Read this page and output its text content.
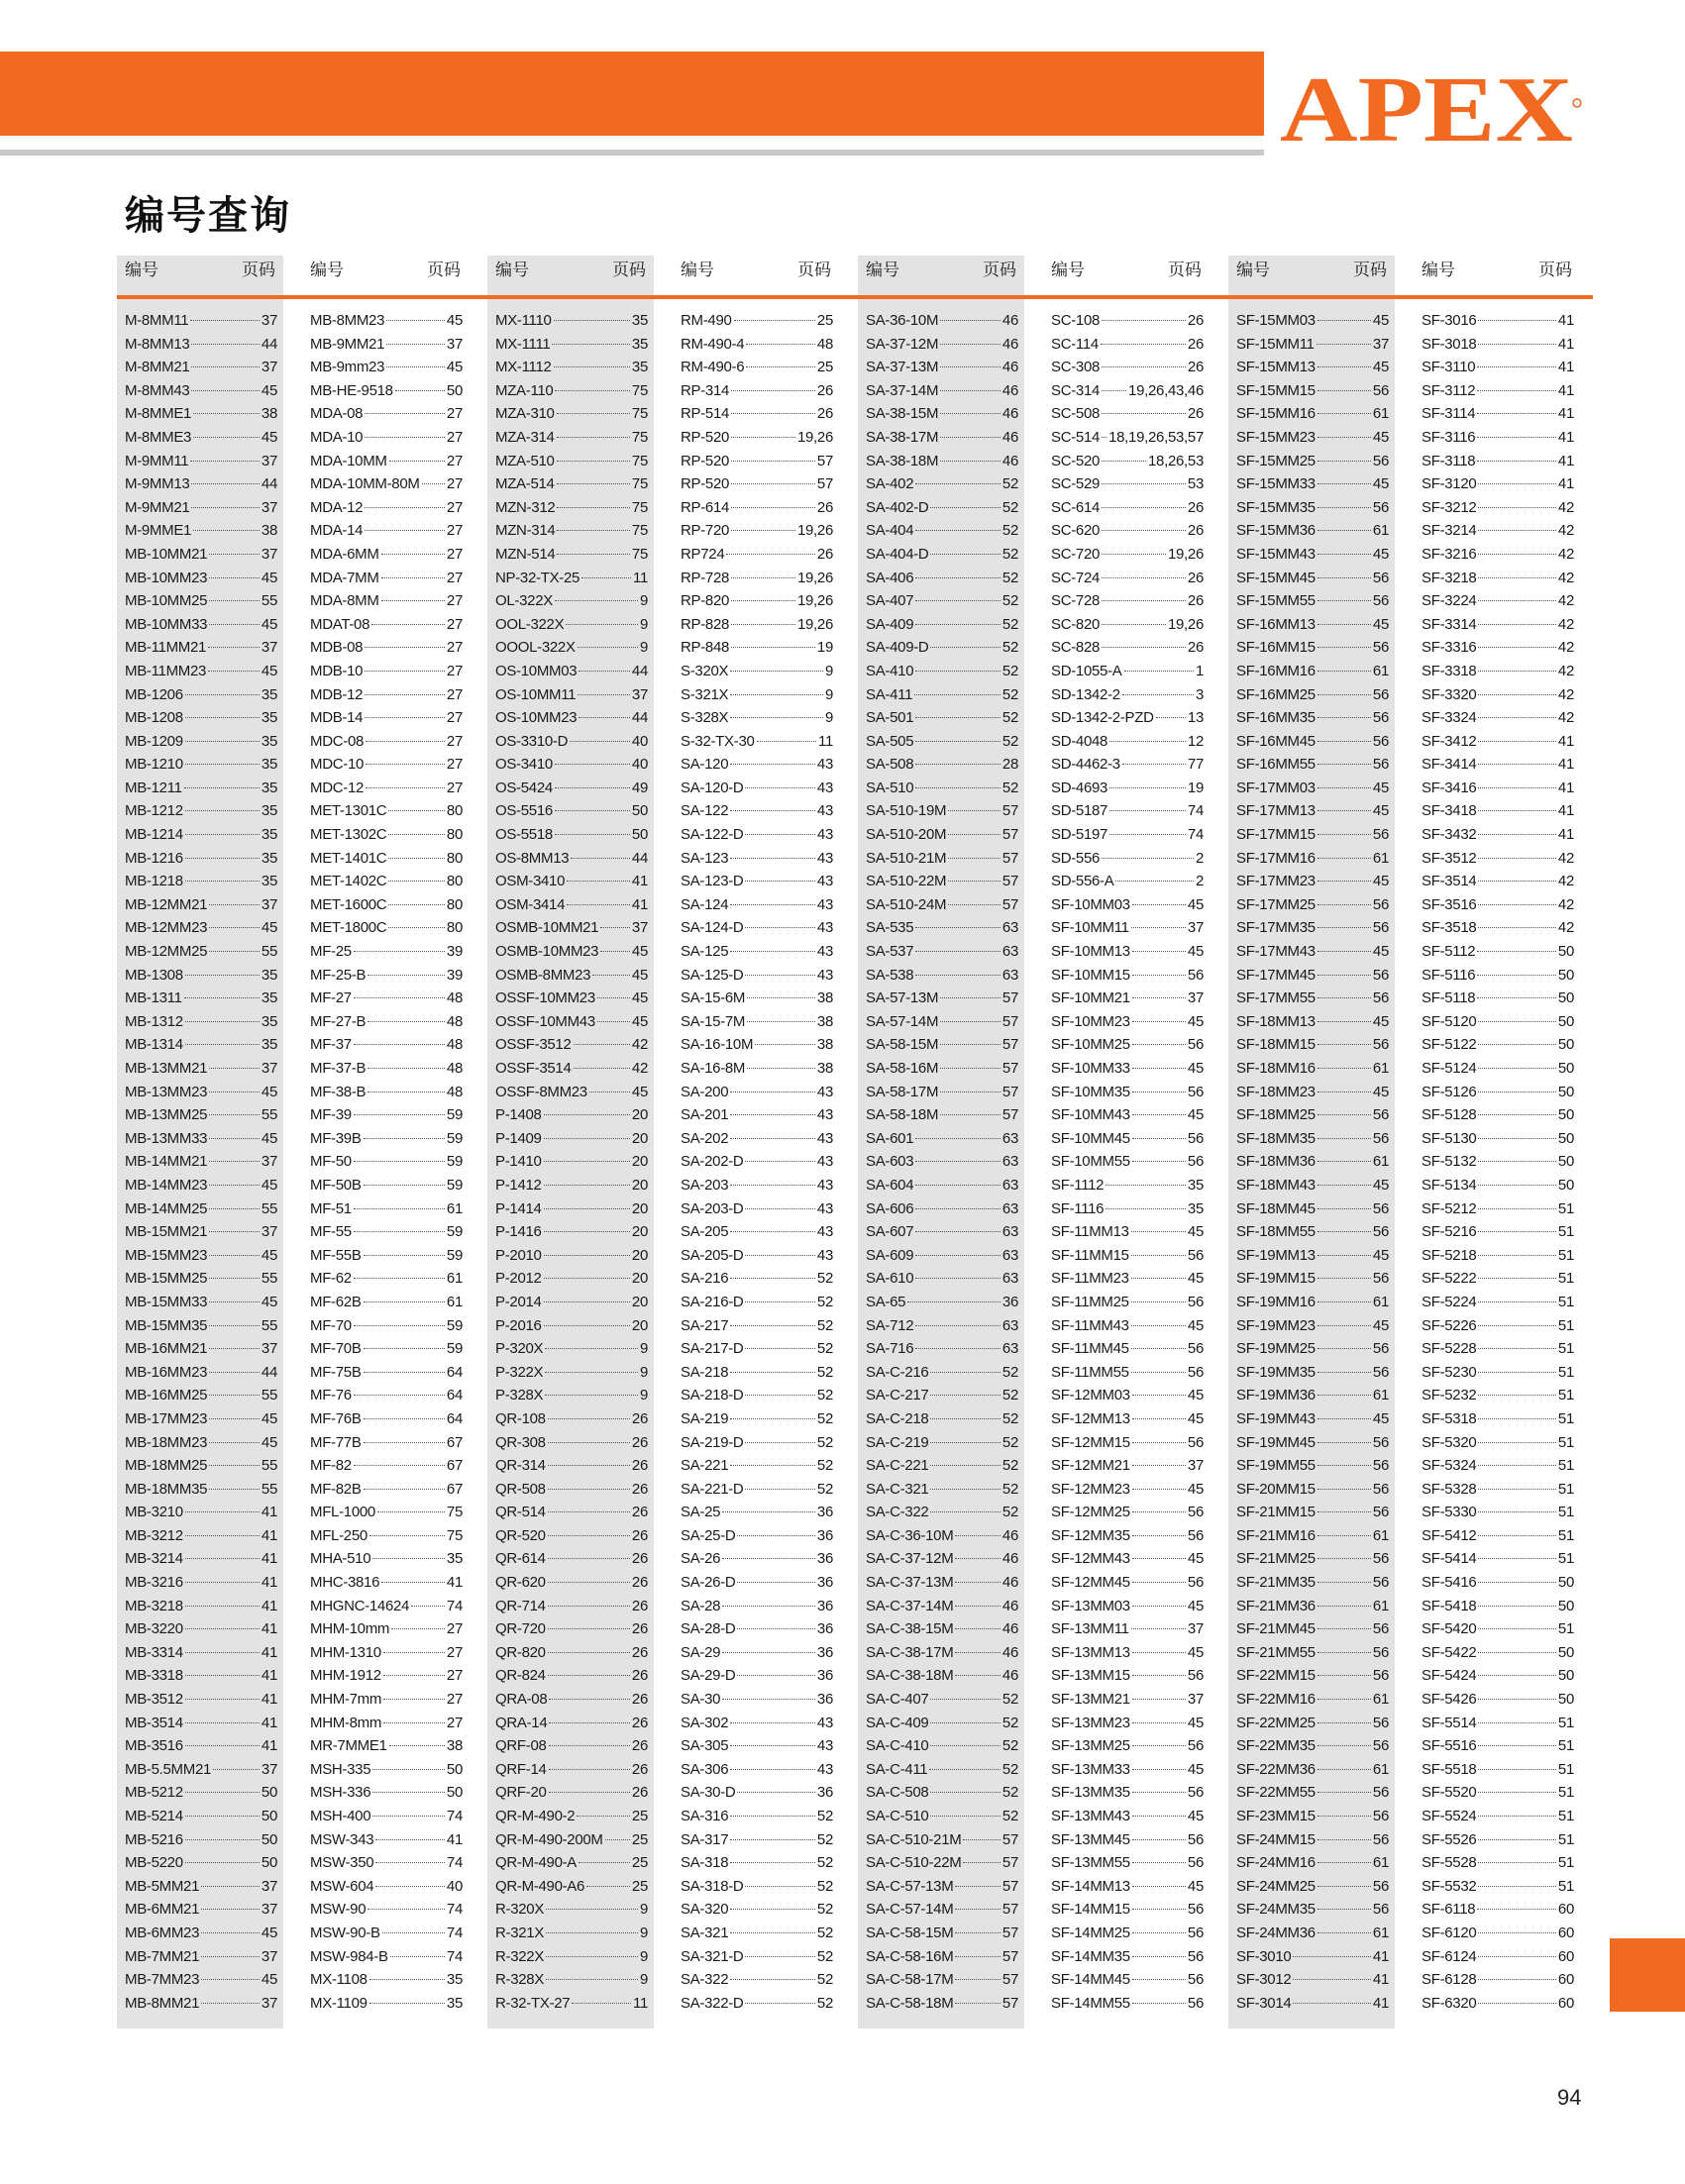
APEX
编号查询
编号	页码
M-8MM11	37
M-8MM13	44
M-8MM21	37
M-8MM43	45
M-8MME1	38
M-8MME3	45
M-9MM11	37
M-9MM13	44
M-9MM21	37
M-9MME1	38
MB-10MM21	37
MB-10MM23	45
MB-10MM25	55
MB-10MM33	45
MB-11MM21	37
MB-11MM23	45
MB-1206	35
MB-1208	35
MB-1209	35
MB-1210	35
MB-1211	35
MB-1212	35
MB-1214	35
MB-1216	35
MB-1218	35
MB-12MM21	37
MB-12MM23	45
MB-12MM25	55
MB-1308	35
MB-1311	35
MB-1312	35
MB-1314	35
MB-13MM21	37
MB-13MM23	45
MB-13MM25	55
MB-13MM33	45
MB-14MM21	37
MB-14MM23	45
MB-14MM25	55
MB-15MM21	37
MB-15MM23	45
MB-15MM25	55
MB-15MM33	45
MB-15MM35	55
MB-16MM21	37
MB-16MM23	44
MB-16MM25	55
MB-17MM23	45
MB-18MM23	45
MB-18MM25	55
MB-18MM35	55
MB-3210	41
MB-3212	41
MB-3214	41
MB-3216	41
MB-3218	41
MB-3220	41
MB-3314	41
MB-3318	41
MB-3512	41
MB-3514	41
MB-3516	41
MB-5.5MM21	37
MB-5212	50
MB-5214	50
MB-5216	50
MB-5220	50
MB-5MM21	37
MB-6MM21	37
MB-6MM23	45
MB-7MM21	37
MB-7MM23	45
MB-8MM21	37
编号	页码
MB-8MM23	45
MB-9MM21	37
MB-9mm23	45
MB-HE-9518	50
MDA-08	27
MDA-10	27
MDA-10MM	27
MDA-10MM-80M 27
MDA-12	27
MDA-14	27
MDA-6MM	27
MDA-7MM	27
MDA-8MM	27
MDAT-08	27
MDB-08	27
MDB-10	27
MDB-12	27
MDB-14	27
MDC-08	27
MDC-10	27
MDC-12	27
MET-1301C	80
MET-1302C	80
MET-1401C	80
MET-1402C	80
MET-1600C	80
MET-1800C	80
MF-25	39
MF-25-B	39
MF-27	48
MF-27-B	48
MF-37	48
MF-37-B	48
MF-38-B	48
MF-39	59
MF-39B	59
MF-50	59
MF-50B	59
MF-51	61
MF-55	59
MF-55B	59
MF-62	61
MF-62B	61
MF-70	59
MF-70B	59
MF-75B	64
MF-76	64
MF-76B	64
MF-77B	67
MF-82	67
MF-82B	67
MFL-1000	75
MFL-250	75
MHA-510	35
MHC-3816	41
MHGNC-14624	74
MHM-10mm	27
MHM-1310	27
MHM-1912	27
MHM-7mm	27
MHM-8mm	27
MR-7MME1	38
MSH-335	50
MSH-336	50
MSH-400	74
MSW-343	41
MSW-350	74
MSW-604	40
MSW-90	74
MSW-90-B	74
MSW-984-B	74
MX-1108	35
MX-1109	35
编号	页码
MX-1110	35
MX-1111	35
MX-1112	35
MZA-110	75
MZA-310	75
MZA-314	75
MZA-510	75
MZA-514	75
MZN-312	75
MZN-314	75
MZN-514	75
NP-32-TX-25	11
OL-322X	9
OOL-322X	9
OOOL-322X	9
OS-10MM03	44
OS-10MM11	37
OS-10MM23	44
OS-3310-D	40
OS-3410	40
OS-5424	49
OS-5516	50
OS-5518	50
OS-8MM13	44
OSM-3410	41
OSM-3414	41
OSMB-10MM21 37
OSMB-10MM23 45
OSMB-8MM23	45
OSSF-10MM23 45
OSSF-10MM43 45
OSSF-3512	42
OSSF-3514	42
OSSF-8MM23	45
P-1408	20
P-1409	20
P-1410	20
P-1412	20
P-1414	20
P-1416	20
P-2010	20
P-2012	20
P-2014	20
P-2016	20
P-320X	9
P-322X	9
P-328X	9
QR-108	26
QR-308	26
QR-314	26
QR-508	26
QR-514	26
QR-520	26
QR-614	26
QR-620	26
QR-714	26
QR-720	26
QR-820	26
QR-824	26
QRA-08	26
QRA-14	26
QRF-08	26
QRF-14	26
QRF-20	26
QR-M-490-2	25
QR-M-490-200M 25
QR-M-490-A	25
QR-M-490-A6	25
R-320X	9
R-321X	9
R-322X	9
R-328X	9
R-32-TX-27	11
编号	页码
RM-490	25
RM-490-4	48
RM-490-6	25
RP-314	26
RP-514	26
RP-520	19,26
RP-520	57
RP-520	57
RP-614	26
RP-720	19,26
RP724	26
RP-728	19,26
RP-820	19,26
RP-828	19,26
RP-848	19
S-320X	9
S-321X	9
S-328X	9
S-32-TX-30	11
SA-120	43
SA-120-D	43
SA-122	43
SA-122-D	43
SA-123	43
SA-123-D	43
SA-124	43
SA-124-D	43
SA-125	43
SA-125-D	43
SA-15-6M	38
SA-15-7M	38
SA-16-10M	38
SA-16-8M	38
SA-200	43
SA-201	43
SA-202	43
SA-202-D	43
SA-203	43
SA-203-D	43
SA-205	43
SA-205-D	43
SA-216	52
SA-216-D	52
SA-217	52
SA-217-D	52
SA-218	52
SA-218-D	52
SA-219	52
SA-219-D	52
SA-221	52
SA-221-D	52
SA-25	36
SA-25-D	36
SA-26	36
SA-26-D	36
SA-28	36
SA-28-D	36
SA-29	36
SA-29-D	36
SA-30	36
SA-302	43
SA-305	43
SA-306	43
SA-30-D	36
SA-316	52
SA-317	52
SA-318	52
SA-318-D	52
SA-320	52
SA-321	52
SA-321-D	52
SA-322	52
SA-322-D	52
编号	页码
SA-36-10M	46
SA-37-12M	46
SA-37-13M	46
SA-37-14M	46
SA-38-15M	46
SA-38-17M	46
SA-38-18M	46
SA-402	52
SA-402-D	52
SA-404	52
SA-404-D	52
SA-406	52
SA-407	52
SA-409	52
SA-409-D	52
SA-410	52
SA-411	52
SA-501	52
SA-505	52
SA-508	28
SA-510	52
SA-510-19M	57
SA-510-20M	57
SA-510-21M	57
SA-510-22M	57
SA-510-24M	57
SA-535	63
SA-537	63
SA-538	63
SA-57-13M	57
SA-57-14M	57
SA-58-15M	57
SA-58-16M	57
SA-58-17M	57
SA-58-18M	57
SA-601	63
SA-603	63
SA-604	63
SA-606	63
SA-607	63
SA-609	63
SA-610	63
SA-65	36
SA-712	63
SA-716	63
SA-C-216	52
SA-C-217	52
SA-C-218	52
SA-C-219	52
SA-C-221	52
SA-C-321	52
SA-C-322	52
SA-C-36-10M	46
SA-C-37-12M	46
SA-C-37-13M	46
SA-C-37-14M	46
SA-C-38-15M	46
SA-C-38-17M	46
SA-C-38-18M	46
SA-C-407	52
SA-C-409	52
SA-C-410	52
SA-C-411	52
SA-C-508	52
SA-C-510	52
SA-C-510-21M	57
SA-C-510-22M	57
SA-C-57-13M	57
SA-C-57-14M	57
SA-C-58-15M	57
SA-C-58-16M	57
SA-C-58-17M	57
SA-C-58-18M	57
编号	页码
SC-108	26
SC-114	26
SC-308	26
SC-314 19,26,43,46
SC-508	26
SC-514 18,19,26,53,57
SC-520	18,26,53
SC-529	53
SC-614	26
SC-620	26
SC-720	19,26
SC-724	26
SC-728	26
SC-820	19,26
SC-828	26
SD-1055-A	1
SD-1342-2	3
SD-1342-2-PZD 13
SD-4048	12
SD-4462-3	77
SD-4693	19
SD-5187	74
SD-5197	74
SD-556	2
SD-556-A	2
SF-10MM03	45
SF-10MM11	37
SF-10MM13	45
SF-10MM15	56
SF-10MM21	37
SF-10MM23	45
SF-10MM25	56
SF-10MM33	45
SF-10MM35	56
SF-10MM43	45
SF-10MM45	56
SF-10MM55	56
SF-1112	35
SF-1116	35
SF-11MM13	45
SF-11MM15	56
SF-11MM23	45
SF-11MM25	56
SF-11MM43	45
SF-11MM45	56
SF-11MM55	56
SF-12MM03	45
SF-12MM13	45
SF-12MM15	56
SF-12MM21	37
SF-12MM23	45
SF-12MM25	56
SF-12MM35	56
SF-12MM43	45
SF-12MM45	56
SF-13MM03	45
SF-13MM11	37
SF-13MM13	45
SF-13MM15	56
SF-13MM21	37
SF-13MM23	45
SF-13MM25	56
SF-13MM33	45
SF-13MM35	56
SF-13MM43	45
SF-13MM45	56
SF-13MM55	56
SF-14MM13	45
SF-14MM15	56
SF-14MM25	56
SF-14MM35	56
SF-14MM45	56
SF-14MM55	56
编号	页码
SF-15MM03	45
SF-15MM11	37
SF-15MM13	45
SF-15MM15	56
SF-15MM16	61
SF-15MM23	45
SF-15MM25	56
SF-15MM33	45
SF-15MM35	56
SF-15MM36	61
SF-15MM43	45
SF-15MM45	56
SF-15MM55	56
SF-16MM13	45
SF-16MM15	56
SF-16MM16	61
SF-16MM25	56
SF-16MM35	56
SF-16MM45	56
SF-16MM55	56
SF-17MM03	45
SF-17MM13	45
SF-17MM15	56
SF-17MM16	61
SF-17MM23	45
SF-17MM25	56
SF-17MM35	56
SF-17MM43	45
SF-17MM45	56
SF-17MM55	56
SF-18MM13	45
SF-18MM15	56
SF-18MM16	61
SF-18MM23	45
SF-18MM25	56
SF-18MM35	56
SF-18MM36	61
SF-18MM43	45
SF-18MM45	56
SF-18MM55	56
SF-19MM13	45
SF-19MM15	56
SF-19MM16	61
SF-19MM23	45
SF-19MM25	56
SF-19MM35	56
SF-19MM36	61
SF-19MM43	45
SF-19MM45	56
SF-19MM55	56
SF-20MM15	56
SF-21MM15	56
SF-21MM16	61
SF-21MM25	56
SF-21MM35	56
SF-21MM36	61
SF-21MM45	56
SF-21MM55	56
SF-22MM15	56
SF-22MM16	61
SF-22MM25	56
SF-22MM35	56
SF-22MM36	61
SF-22MM55	56
SF-23MM15	56
SF-24MM15	56
SF-24MM16	61
SF-24MM25	56
SF-24MM35	56
SF-24MM36	61
SF-3010	41
SF-3012	41
SF-3014	41
编号	页码
SF-3016	41
SF-3018	41
SF-3110	41
SF-3112	41
SF-3114	41
SF-3116	41
SF-3118	41
SF-3120	41
SF-3212	42
SF-3214	42
SF-3216	42
SF-3218	42
SF-3224	42
SF-3314	42
SF-3316	42
SF-3318	42
SF-3320	42
SF-3324	42
SF-3412	41
SF-3414	41
SF-3416	41
SF-3418	41
SF-3432	41
SF-3512	42
SF-3514	42
SF-3516	42
SF-3518	42
SF-5112	50
SF-5116	50
SF-5118	50
SF-5120	50
SF-5122	50
SF-5124	50
SF-5126	50
SF-5128	50
SF-5130	50
SF-5132	50
SF-5134	50
SF-5212	51
SF-5216	51
SF-5218	51
SF-5222	51
SF-5224	51
SF-5226	51
SF-5228	51
SF-5230	51
SF-5232	51
SF-5318	51
SF-5320	51
SF-5324	51
SF-5328	51
SF-5330	51
SF-5412	51
SF-5414	51
SF-5416	50
SF-5418	50
SF-5420	51
SF-5422	50
SF-5424	50
SF-5426	50
SF-5514	51
SF-5516	51
SF-5518	51
SF-5520	51
SF-5524	51
SF-5526	51
SF-5528	51
SF-5532	51
SF-6118	60
SF-6120	60
SF-6124	60
SF-6128	60
SF-6320	60
94
